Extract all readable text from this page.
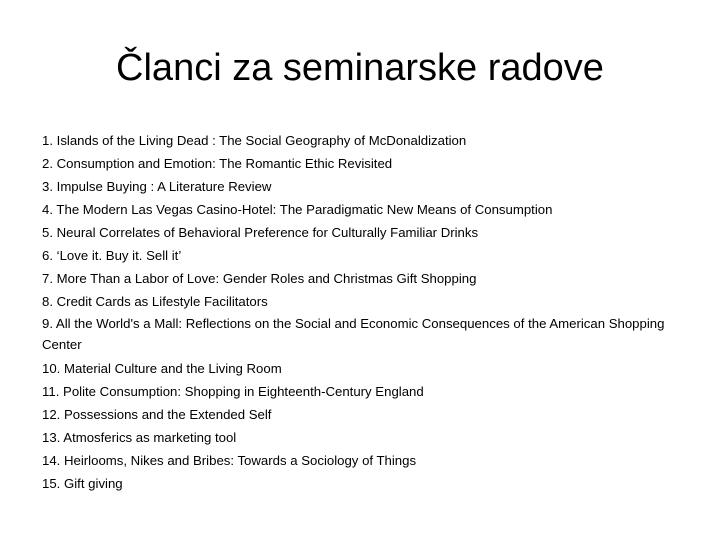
Članci za seminarske radove
1. Islands of the Living Dead : The Social Geography of McDonaldization
2. Consumption and Emotion: The Romantic Ethic Revisited
3. Impulse Buying : A Literature Review
4. The Modern Las Vegas Casino-Hotel: The Paradigmatic New Means of Consumption
5. Neural Correlates of Behavioral Preference for Culturally Familiar Drinks
6. ‘Love it. Buy it. Sell it’
7. More Than a Labor of Love: Gender Roles and Christmas Gift Shopping
8. Credit Cards as Lifestyle Facilitators
9. All the World's a Mall: Reflections on the Social and Economic Consequences of the American Shopping Center
10. Material Culture and the Living Room
11. Polite Consumption: Shopping in Eighteenth-Century England
12. Possessions and the Extended Self
13. Atmosferics as marketing tool
14. Heirlooms, Nikes and Bribes: Towards a Sociology of Things
15. Gift giving
